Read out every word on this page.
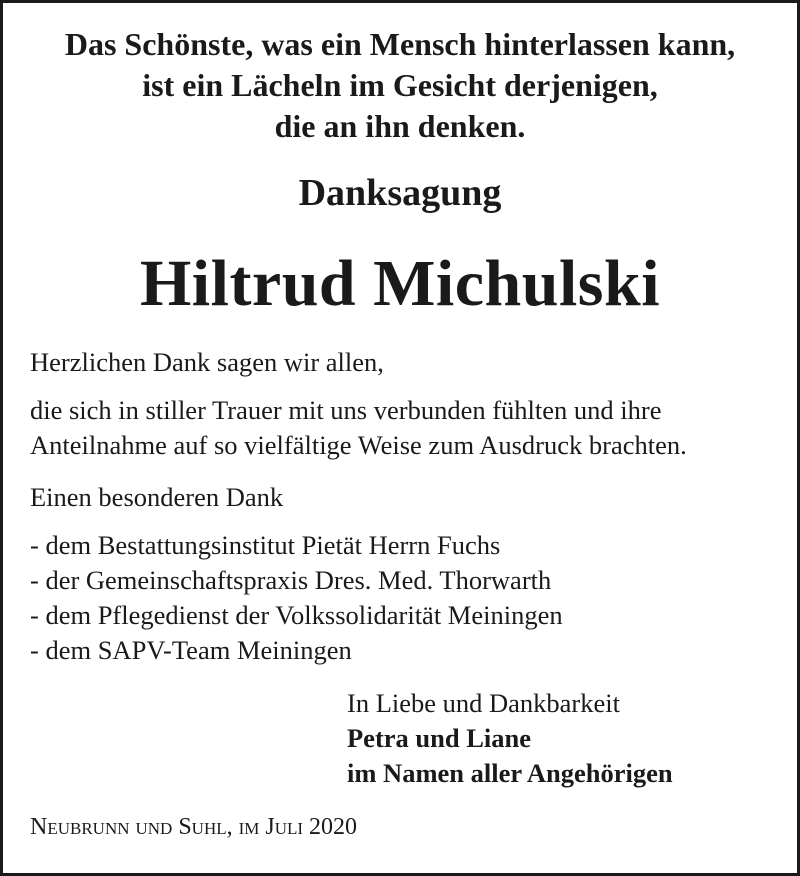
Das Schönste, was ein Mensch hinterlassen kann,
ist ein Lächeln im Gesicht derjenigen,
die an ihn denken.
Danksagung
Hiltrud Michulski
Herzlichen Dank sagen wir allen,
die sich in stiller Trauer mit uns verbunden fühlten und ihre
Anteilnahme auf so vielfältige Weise zum Ausdruck brachten.
Einen besonderen Dank
- dem Bestattungsinstitut Pietät Herrn Fuchs
- der Gemeinschaftspraxis Dres. Med. Thorwarth
- dem Pflegedienst der Volkssolidarität Meiningen
- dem SAPV-Team Meiningen
In Liebe und Dankbarkeit
Petra und Liane
im Namen aller Angehörigen
Neubrunn und Suhl, im Juli 2020
